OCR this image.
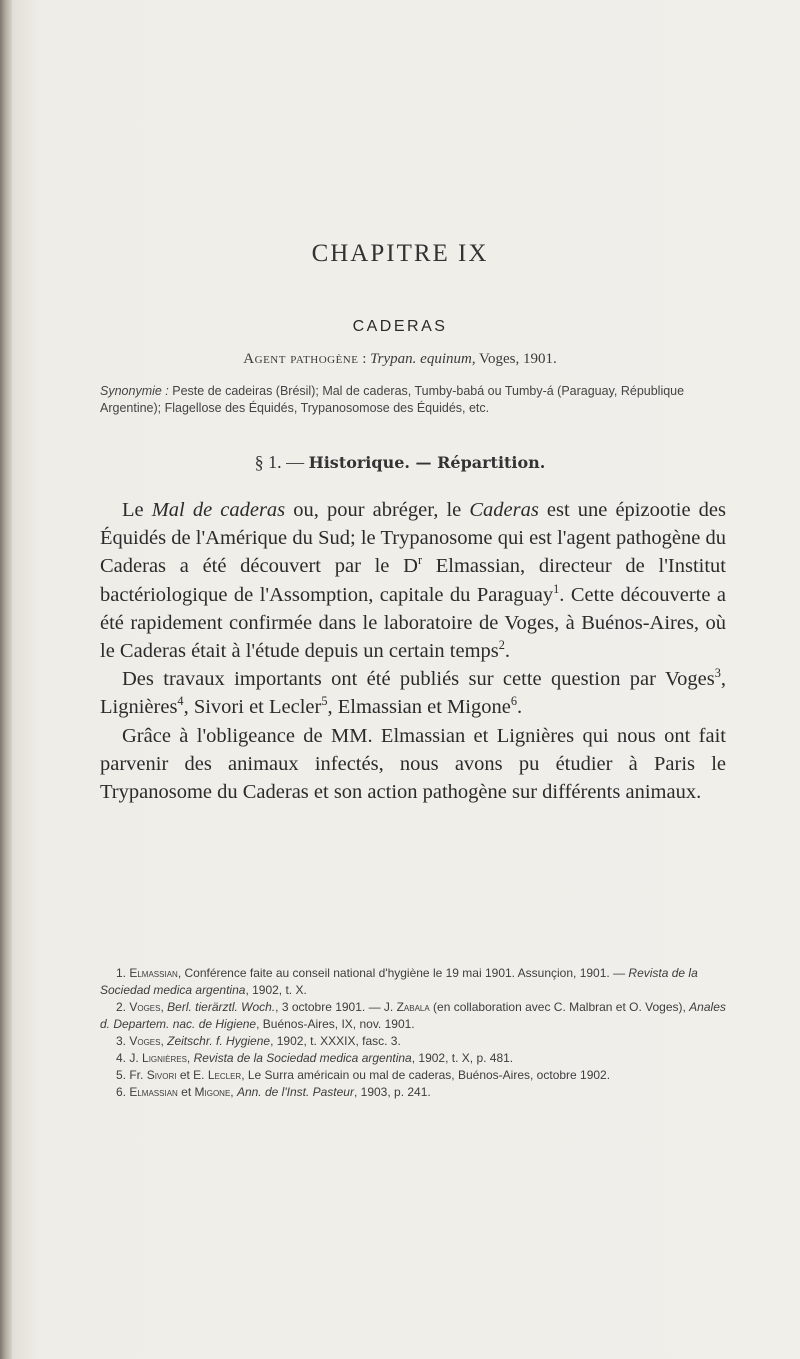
CHAPITRE IX
CADERAS
Agent pathogène : Trypan. equinum, Voges, 1901.
Synonymie : Peste de cadeiras (Brésil); Mal de caderas, Tumby-babá ou Tumby-á (Paraguay, République Argentine); Flagellose des Équidés, Trypanosomose des Équidés, etc.
§ 1. — Historique. — Répartition.

Le Mal de caderas ou, pour abréger, le Caderas est une épizootie des Équidés de l'Amérique du Sud; le Trypanosome qui est l'agent pathogène du Caderas a été découvert par le $D^r$ Elmassian, directeur de l'Institut bactériologique de l'Assomption, capitale du Paraguay$^1$. Cette découverte a été rapidement confirmée dans le laboratoire de Voges, à Buénos-Aires, où le Caderas était à l'étude depuis un certain temps$^2$.

Des travaux importants ont été publiés sur cette question par Voges$^3$, Lignières$^4$, Sivori et Lecler$^5$, Elmassian et Migone$^6$.

Grâce à l'obligeance de MM. Elmassian et Lignières qui nous ont fait parvenir des animaux infectés, nous avons pu étudier à Paris le Trypanosome du Caderas et son action pathogène sur différents animaux.

1. Elmassian, Conférence faite au conseil national d'hygiène le 19 mai 1901. Assunçion, 1901. — Revista de la Sociedad medica argentina, 1902, t. X.

2. Voges, Berl. tierärztl. Woch., 3 octobre 1901. — J. Zabala (en collaboration avec C. Malbran et O. Voges), Anales d. Departem. nac. de Higiene, Buénos-Aires, IX, nov. 1901.

3. Voges, Zeitschr. f. Hygiene, 1902, t. XXXIX, fasc. 3.

4. J. Lignières, Revista de la Sociedad medica argentina, 1902, t. X, p. 481.

5. Fr. Sivori et E. Lecler, Le Surra américain ou mal de caderas, Buénos-Aires, octobre 1902.

6. Elmassian et Migone, Ann. de l'Inst. Pasteur, 1903, p. 241.
